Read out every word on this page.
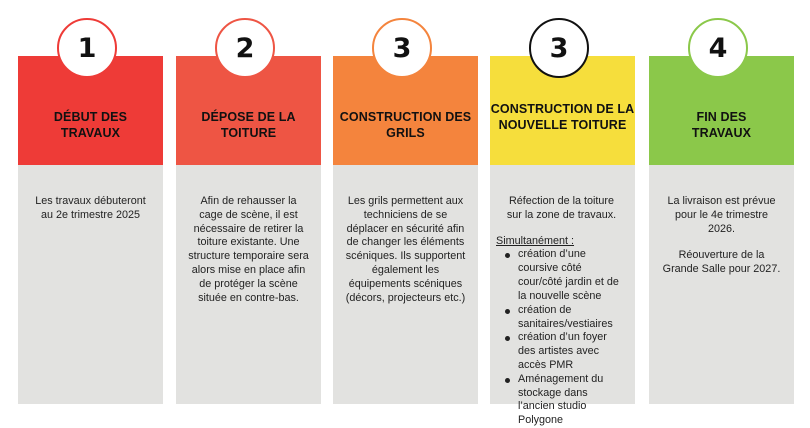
1
DÉBUT DES TRAVAUX

Les travaux débuteront au 2e trimestre 2025

2
DÉPOSE DE LA TOITURE

Afin de rehausser la cage de scène, il est nécessaire de retirer la toiture existante. Une structure temporaire sera alors mise en place afin de protéger la scène située en contre-bas.

3
CONSTRUCTION DES GRILS

Les grils permettent aux techniciens de se déplacer en sécurité afin de changer les éléments scéniques. Ils supportent également les équipements scéniques (décors, projecteurs etc.)

3
CONSTRUCTION DE LA NOUVELLE TOITURE

Réfection de la toiture sur la zone de travaux.

Simultanément :

création d’une coursive côté cour/côté jardin et de la nouvelle scène
création de sanitaires/vestiaires
création d’un foyer des artistes avec accès PMR
Aménagement du stockage dans l’ancien studio Polygone
4
FIN DES TRAVAUX

La livraison est prévue pour le 4e trimestre 2026.

Réouverture de la Grande Salle pour 2027.
